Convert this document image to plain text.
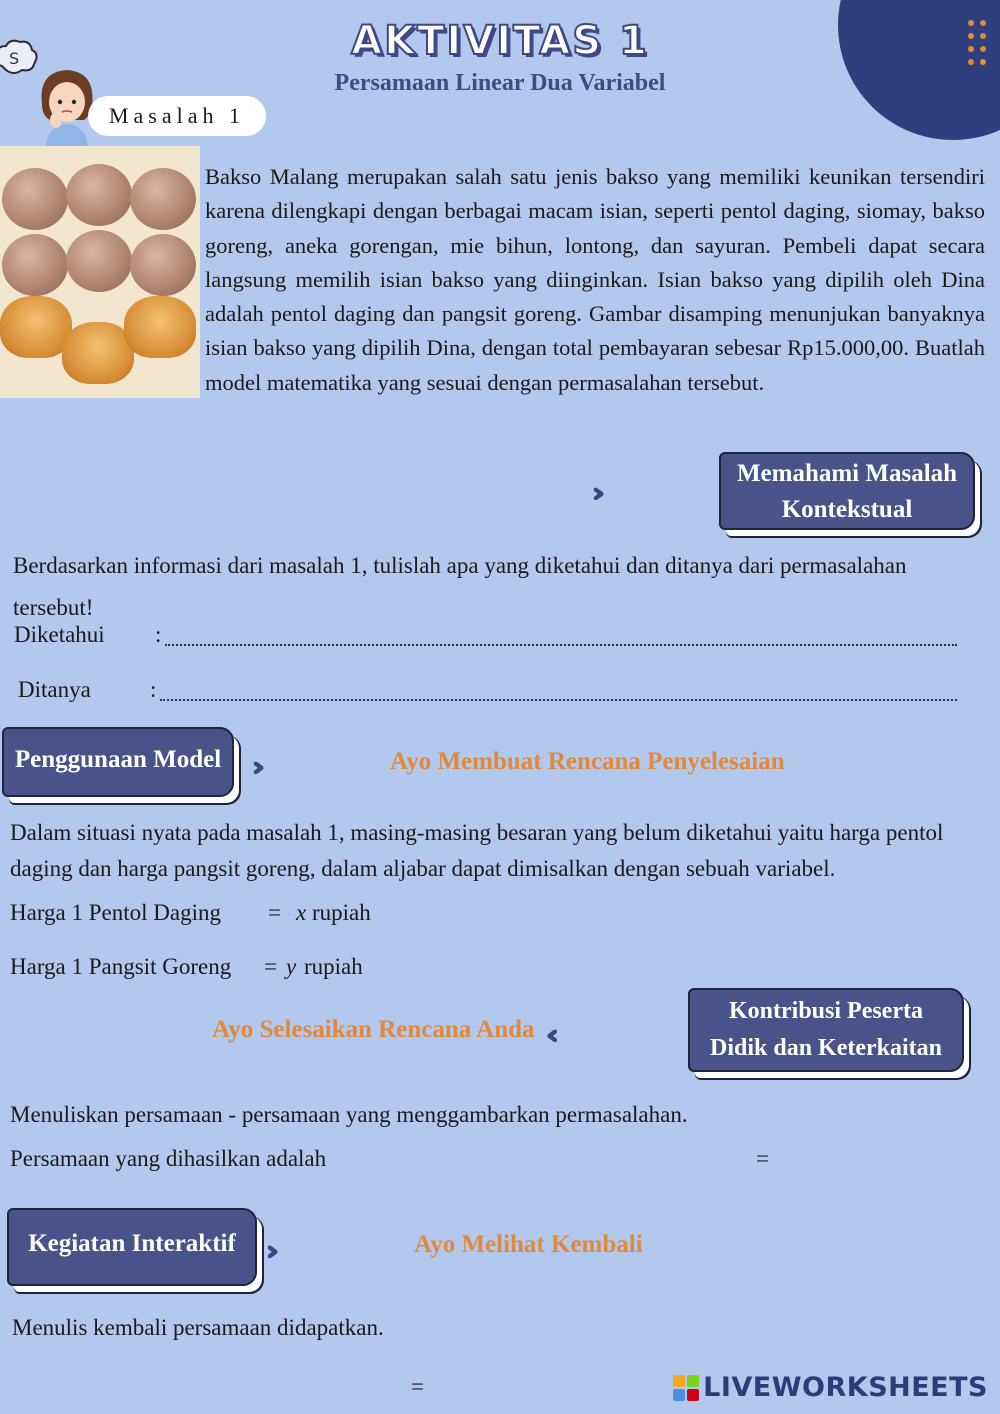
AKTIVITAS 1
Persamaan Linear Dua Variabel
S
Masalah 1
Bakso Malang merupakan salah satu jenis bakso yang memiliki keunikan tersendiri karena dilengkapi dengan berbagai macam isian, seperti pentol daging, siomay, bakso goreng, aneka gorengan, mie bihun, lontong, dan sayuran. Pembeli dapat secara langsung memilih isian bakso yang diinginkan. Isian bakso yang dipilih oleh Dina adalah pentol daging dan pangsit goreng. Gambar disamping menunjukan banyaknya isian bakso yang dipilih Dina, dengan total pembayaran sebesar Rp15.000,00. Buatlah model matematika yang sesuai dengan permasalahan tersebut.
Memahami Masalah
Kontekstual
Berdasarkan informasi dari masalah 1, tulislah apa yang diketahui dan ditanya dari permasalahan tersebut!
Diketahui :
Ditanya	:
Penggunaan Model	Ayo Membuat Rencana Penyelesaian
Dalam situasi nyata pada masalah 1, masing-masing besaran yang belum diketahui yaitu harga pentol daging dan harga pangsit goreng, dalam aljabar dapat dimisalkan dengan sebuah variabel.
Harga 1 Pentol Daging = x rupiah
Harga 1 Pangsit Goreng = y rupiah
Ayo Selesaikan Rencana Anda
Kontribusi Peserta
Didik dan Keterkaitan
Menuliskan persamaan - persamaan yang menggambarkan permasalahan.
Persamaan yang dihasilkan adalah	=
Kegiatan Interaktif	Ayo Melihat Kembali
Menulis kembali persamaan didapatkan.
=	LIVEWORKSHEETS
